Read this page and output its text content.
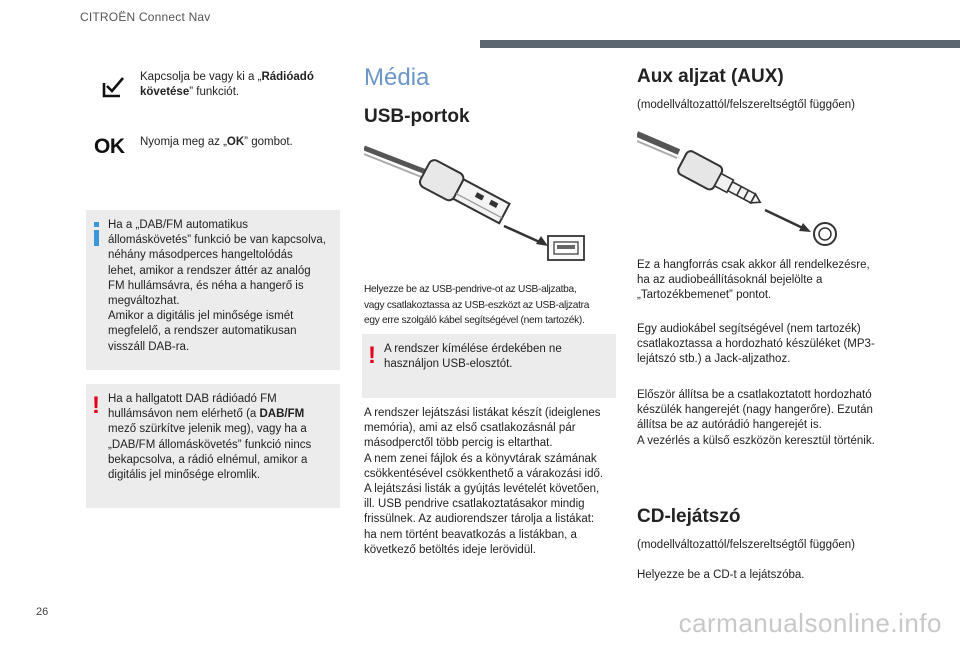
CITROËN Connect Nav
Kapcsolja be vagy ki a „Rádióadó követése” funkciót.
OK Nyomja meg az „OK” gombot.
Ha a „DAB/FM automatikus
állomáskövetés” funkció be van kapcsolva,
néhány másodperces hangeltolódás
lehet, amikor a rendszer áttér az analóg
FM hullámsávra, és néha a hangerő is
megváltozhat.
Amikor a digitális jel minősége ismét
megfelelő, a rendszer automatikusan
visszáll DAB-ra.
! Ha a hallgatott DAB rádióadó FM
hullámsávon nem elérhető (a DAB/FM
mező szürkítve jelenik meg), vagy ha a
„DAB/FM állomáskövetés” funkció nincs
bekapcsolva, a rádió elnémul, amikor a
digitális jel minősége elromlik.
Média
USB-portok
Helyezze be az USB-pendrive-ot az USB-aljzatba,
vagy csatlakoztassa az USB-eszközt az USB-aljzatra
egy erre szolgáló kábel segítségével (nem tartozék).
! A rendszer kímélése érdekében ne
használjon USB-elosztót.
A rendszer lejátszási listákat készít (ideiglenes
memória), ami az első csatlakozásnál pár
másodperctől több percig is eltarthat.
A nem zenei fájlok és a könyvtárak számának
csökkentésével csökkenthető a várakozási idő.
A lejátszási listák a gyújtás levételét követően,
ill. USB pendrive csatlakoztatásakor mindig
frissülnek. Az audiorendszer tárolja a listákat:
ha nem történt beavatkozás a listákban, a
következő betöltés ideje lerövidül.
Aux aljzat (AUX)
(modellváltozattól/felszereltségtől függően)
Ez a hangforrás csak akkor áll rendelkezésre,
ha az audiobeállításoknál bejelölte a
„Tartozékbemenet” pontot.
Egy audiokábel segítségével (nem tartozék)
csatlakoztassa a hordozható készüléket (MP3-
lejátszó stb.) a Jack-aljzathoz.
Először állítsa be a csatlakoztatott hordozható
készülék hangerejét (nagy hangerőre). Ezután
állítsa be az autórádió hangerejét is.
A vezérlés a külső eszközön keresztül történik.
CD-lejátszó
(modellváltozattól/felszereltségtől függően)
Helyezze be a CD-t a lejátszóba.
26	carmanualsonline.info
